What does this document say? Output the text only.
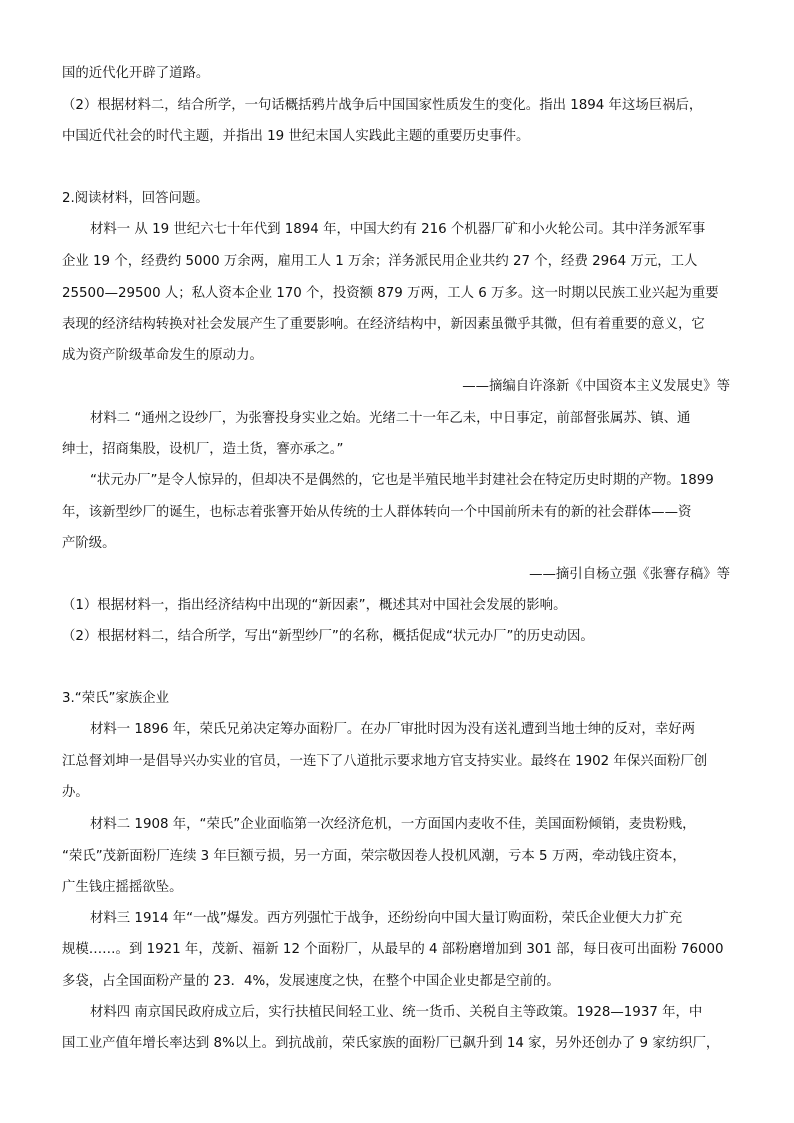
国的近代化开辟了道路。
（2）根据材料二，结合所学，一句话概括鸦片战争后中国国家性质发生的变化。指出 1894 年这场巨祸后，
中国近代社会的时代主题，并指出 19 世纪末国人实践此主题的重要历史事件。
2.阅读材料，回答问题。
材料一 从 19 世纪六七十年代到 1894 年，中国大约有 216 个机器厂矿和小火轮公司。其中洋务派军事
企业 19 个，经费约 5000 万余两，雇用工人 1 万余；洋务派民用企业共约 27 个，经费 2964 万元，工人
25500—29500 人；私人资本企业 170 个，投资额 879 万两，工人 6 万多。这一时期以民族工业兴起为重要
表现的经济结构转换对社会发展产生了重要影响。在经济结构中，新因素虽微乎其微，但有着重要的意义，它
成为资产阶级革命发生的原动力。
——摘编自许涤新《中国资本主义发展史》等
材料二 “通州之设纱厂，为张謇投身实业之始。光绪二十一年乙未，中日事定，前部督张属苏、镇、通
绅士，招商集股，设机厂，造土货，謇亦承之。”
“状元办厂”是令人惊异的，但却决不是偶然的，它也是半殖民地半封建社会在特定历史时期的产物。1899
年，该新型纱厂的诞生，也标志着张謇开始从传统的士人群体转向一个中国前所未有的新的社会群体——资
产阶级。
——摘引自杨立强《张謇存稿》等
（1）根据材料一，指出经济结构中出现的“新因素”，概述其对中国社会发展的影响。
（2）根据材料二，结合所学，写出“新型纱厂”的名称，概括促成“状元办厂”的历史动因。
3.“荣氏”家族企业
材料一 1896 年，荣氏兄弟决定筹办面粉厂。在办厂审批时因为没有送礼遭到当地士绅的反对，幸好两
江总督刘坤一是倡导兴办实业的官员，一连下了八道批示要求地方官支持实业。最终在 1902 年保兴面粉厂创
办。
材料二 1908 年，“荣氏”企业面临第一次经济危机，一方面国内麦收不佳，美国面粉倾销，麦贵粉贱，
“荣氏”茂新面粉厂连续 3 年巨额亏损，另一方面，荣宗敬因卷人投机风潮，亏本 5 万两，牵动钱庄资本，
广生钱庄摇摇欲坠。
材料三 1914 年“一战”爆发。西方列强忙于战争，还纷纷向中国大量订购面粉，荣氏企业便大力扩充
规模……。到 1921 年，茂新、福新 12 个面粉厂，从最早的 4 部粉磨增加到 301 部，每日夜可出面粉 76000
多袋，占全国面粉产量的 23．4%，发展速度之快，在整个中国企业史都是空前的。
材料四 南京国民政府成立后，实行扶植民间轻工业、统一货币、关税自主等政策。1928—1937 年，中
国工业产值年增长率达到 8%以上。到抗战前，荣氏家族的面粉厂已飙升到 14 家，另外还创办了 9 家纺织厂，
